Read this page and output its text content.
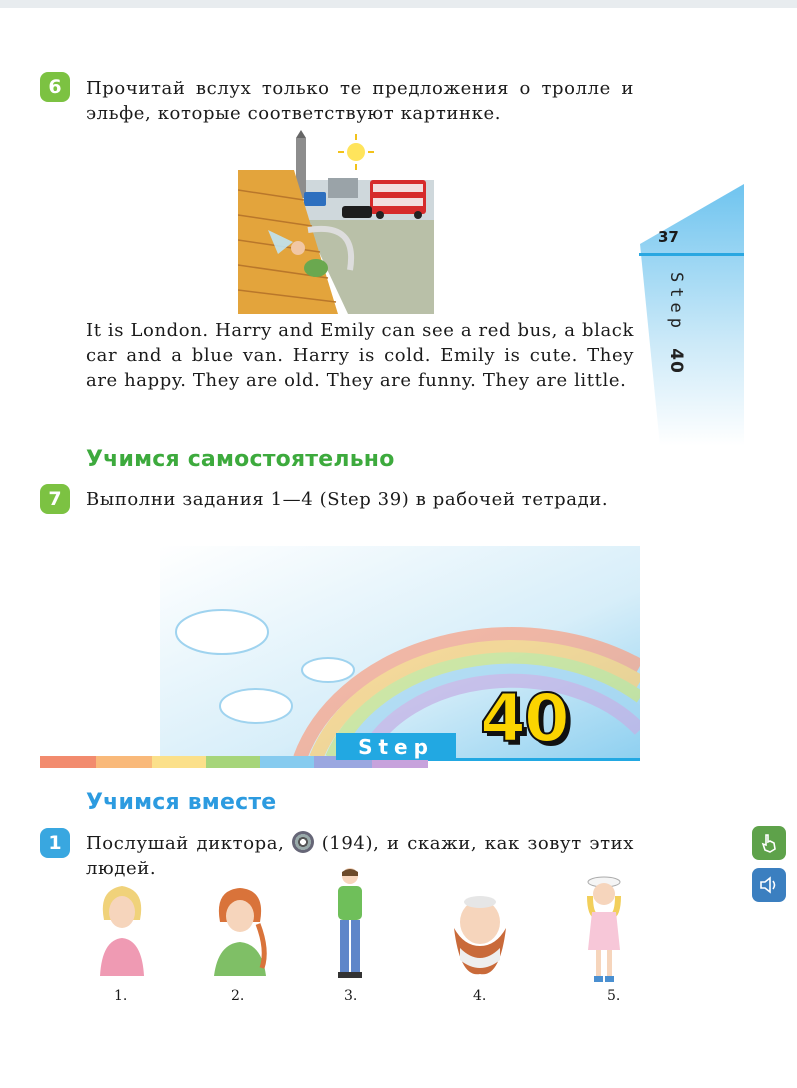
37
Step 40
6	Прочитай вслух только те предложения о тролле и эльфе, которые соответствуют картинке.
It is London. Harry and Emily can see a red bus, a black car and a blue van. Harry is cold. Emily is cute. They are happy. They are old. They are funny. They are little.
Учимся самостоятельно
7	Выполни задания 1—4 (Step 39) в рабочей тетради.
Step 40
Учимся вместе
1	Послушай диктора, (194), и скажи, как зовут этих людей.
1.	2.	3.	4.	5.
